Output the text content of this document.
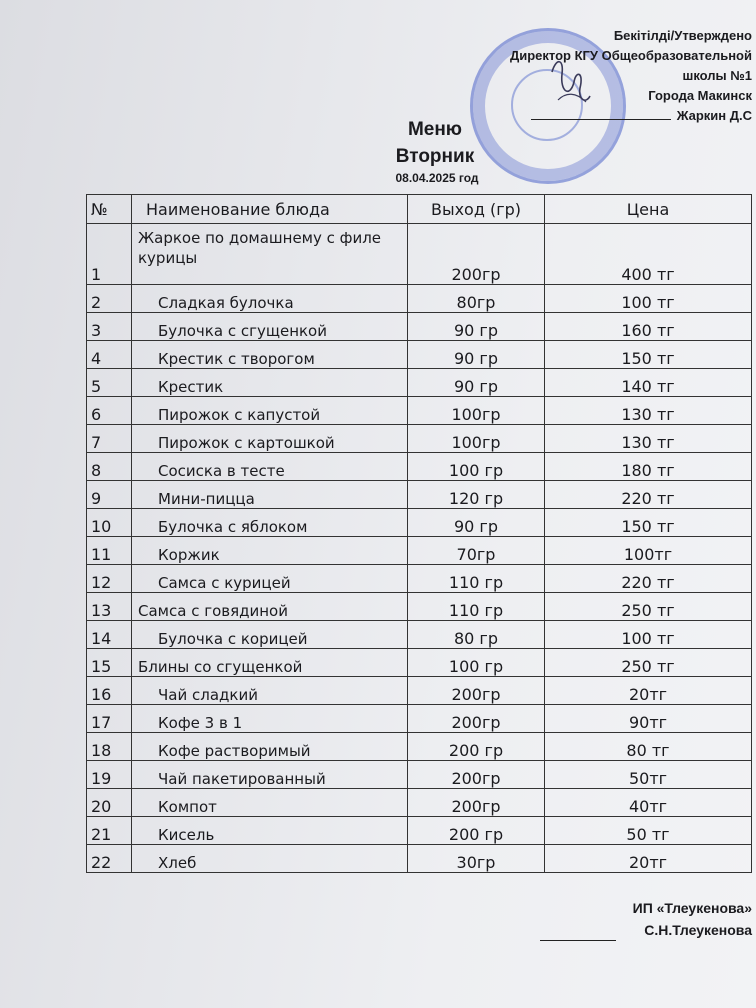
Бекітілді/Утверждено
Директор КГУ Общеобразовательной
школы №1
Города Макинск
Жаркин Д.С
Меню
Вторник
08.04.2025 год
№	Наименование блюда	Выход (гр)	Цена
1	Жаркое по домашнему с филе курицы	200гр	400 тг
2	Сладкая булочка	80гр	100 тг
3	Булочка с сгущенкой	90 гр	160 тг
4	Крестик с творогом	90 гр	150 тг
5	Крестик	90 гр	140 тг
6	Пирожок с капустой	100гр	130 тг
7	Пирожок с картошкой	100гр	130 тг
8	Сосиска в тесте	100 гр	180 тг
9	Мини-пицца	120 гр	220 тг
10	Булочка с яблоком	90 гр	150 тг
11	Коржик	70гр	100тг
12	Самса с курицей	110 гр	220 тг
13	Самса с говядиной	110 гр	250 тг
14	Булочка с корицей	80 гр	100 тг
15	Блины со сгущенкой	100 гр	250 тг
16	Чай сладкий	200гр	20тг
17	Кофе 3 в 1	200гр	90тг
18	Кофе растворимый	200 гр	80 тг
19	Чай пакетированный	200гр	50тг
20	Компот	200гр	40тг
21	Кисель	200 гр	50 тг
22	Хлеб	30гр	20тг
ИП «Тлеукенова»
С.Н.Тлеукенова
